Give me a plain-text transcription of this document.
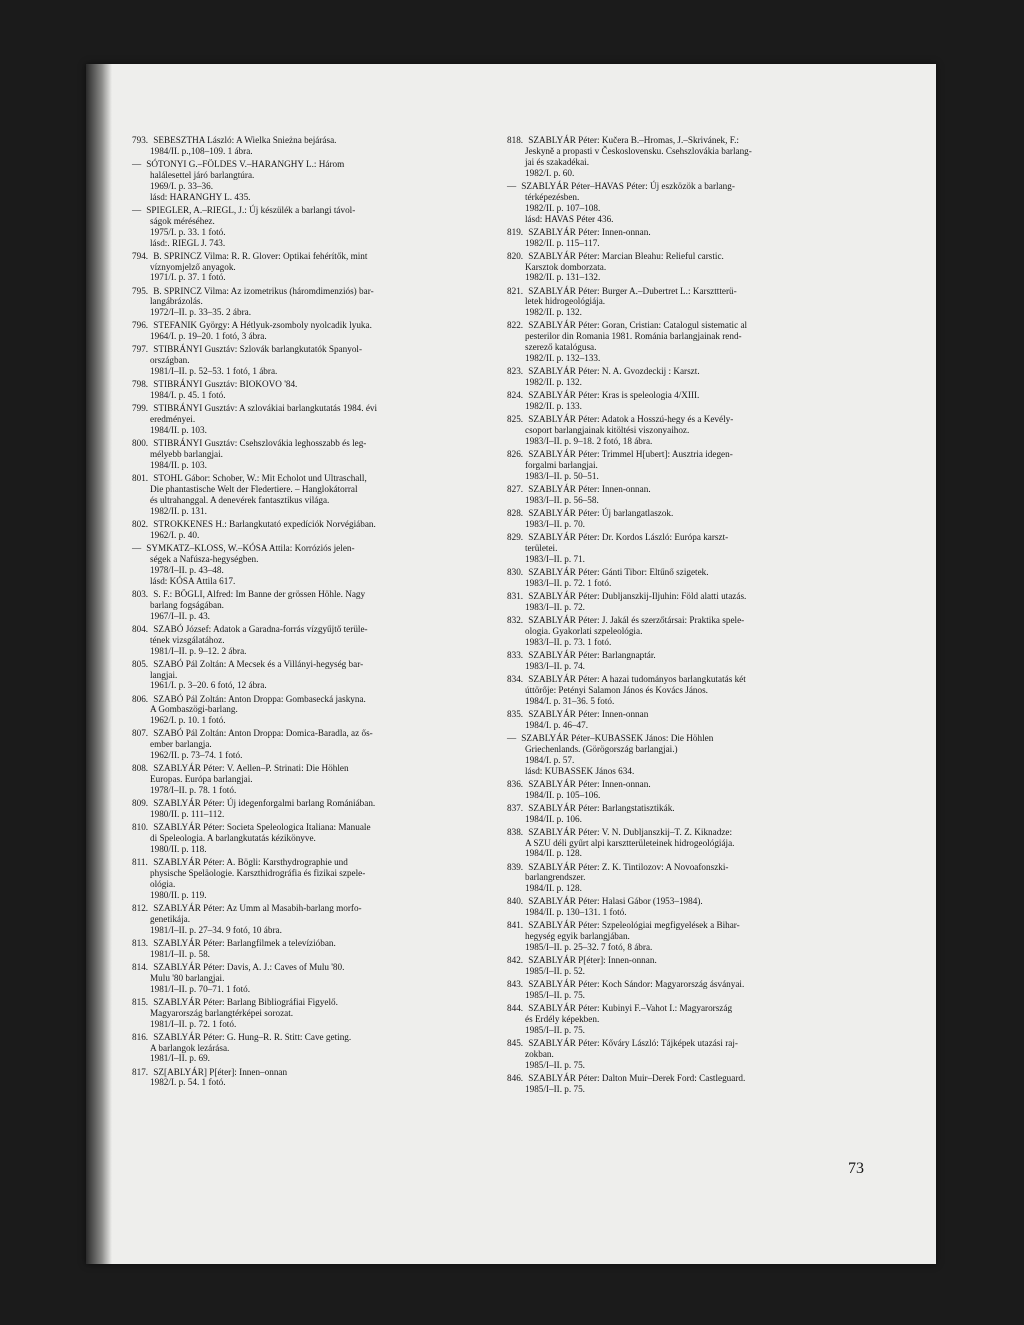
793. SEBESZTHA László: A Wielka Snieżna bejárása.
1984/II. p.,108–109. 1 ábra.
— SÓTONYI G.–FÖLDES V.–HARANGHY L.: Három
halálesettel járó barlangtúra.
1969/I. p. 33–36.
lásd: HARANGHY L. 435.
— SPIEGLER, A.–RIEGL, J.: Új készülék a barlangi távol-
ságok méréséhez.
1975/I. p. 33. 1 fotó.
lásd:. RIEGL J. 743.
794. B. SPRINCZ Vilma: R. R. Glover: Optikai fehérítők, mint
víznyomjelző anyagok.
1971/I. p. 37. 1 fotó.
795. B. SPRINCZ Vilma: Az izometrikus (háromdimenziós) bar-
langábrázolás.
1972/I–II. p. 33–35. 2 ábra.
796. STEFANIK György: A Hétlyuk-zsomboly nyolcadik lyuka.
1964/I. p. 19–20. 1 fotó, 3 ábra.
797. STIBRÁNYI Gusztáv: Szlovák barlangkutatók Spanyol-
országban.
1981/I–II. p. 52–53. 1 fotó, 1 ábra.
798. STIBRÁNYI Gusztáv: BIOKOVO '84.
1984/I. p. 45. 1 fotó.
799. STIBRÁNYI Gusztáv: A szlovákiai barlangkutatás 1984. évi
eredményei.
1984/II. p. 103.
800. STIBRÁNYI Gusztáv: Csehszlovákia leghosszabb és leg-
mélyebb barlangjai.
1984/II. p. 103.
801. STOHL Gábor: Schober, W.: Mit Echolot und Ultraschall,
Die phantastische Welt der Fledertiere. – Hanglokátorral
és ultrahanggal. A denevérek fantasztikus világa.
1982/II. p. 131.
802. STROKKENES H.: Barlangkutató expedíciók Norvégiában.
1962/I. p. 40.
— SYMKATZ–KLOSS, W.–KÓSA Attila: Korróziós jelen-
ségek a Nafúsza-hegységben.
1978/I–II. p. 43–48.
lásd: KÓSA Attila 617.
803. S. F.: BÖGLI, Alfred: Im Banne der grössen Höhle. Nagy
barlang fogságában.
1967/I–II. p. 43.
804. SZABÓ József: Adatok a Garadna-forrás vízgyűjtő terüle-
tének vizsgálatához.
1981/I–II. p. 9–12. 2 ábra.
805. SZABÓ Pál Zoltán: A Mecsek és a Villányi-hegység bar-
langjai.
1961/I. p. 3–20. 6 fotó, 12 ábra.
806. SZABÓ Pál Zoltán: Anton Droppa: Gombasecká jaskyna.
A Gombaszögi-barlang.
1962/I. p. 10. 1 fotó.
807. SZABÓ Pál Zoltán: Anton Droppa: Domica-Baradla, az ős-
ember barlangja.
1962/II. p. 73–74. 1 fotó.
808. SZABLYÁR Péter: V. Aellen–P. Strinati: Die Höhlen
Europas. Európa barlangjai.
1978/I–II. p. 78. 1 fotó.
809. SZABLYÁR Péter: Új idegenforgalmi barlang Romániában.
1980/II. p. 111–112.
810. SZABLYÁR Péter: Societa Speleologica Italiana: Manuale
di Speleologia. A barlangkutatás kézikönyve.
1980/II. p. 118.
811. SZABLYÁR Péter: A. Bögli: Karsthydrographie und
physische Speläologie. Karszthidrográfia és fizikai szpele-
ológia.
1980/II. p. 119.
812. SZABLYÁR Péter: Az Umm al Masabih-barlang morfo-
genetikája.
1981/I–II. p. 27–34. 9 fotó, 10 ábra.
813. SZABLYÁR Péter: Barlangfilmek a televízióban.
1981/I–II. p. 58.
814. SZABLYÁR Péter: Davis, A. J.: Caves of Mulu '80.
Mulu '80 barlangjai.
1981/I–II. p. 70–71. 1 fotó.
815. SZABLYÁR Péter: Barlang Bibliográfiai Figyelő.
Magyarország barlangtérképei sorozat.
1981/I–II. p. 72. 1 fotó.
816. SZABLYÁR Péter: G. Hung–R. R. Stitt: Cave geting.
A barlangok lezárása.
1981/I–II. p. 69.
817. SZ[ABLYÁR] P[éter]: Innen–onnan
1982/I. p. 54. 1 fotó.
818. SZABLYÁR Péter: Kučera B.–Hromas, J.–Skrivánek, F.:
Jeskyně a propasti v Československu. Csehszlovákia barlang-
jai és szakadékai.
1982/I. p. 60.
— SZABLYÁR Péter–HAVAS Péter: Új eszközök a barlang-
térképezésben.
1982/II. p. 107–108.
lásd: HAVAS Péter 436.
819. SZABLYÁR Péter: Innen-onnan.
1982/II. p. 115–117.
820. SZABLYÁR Péter: Marcian Bleahu: Relieful carstic.
Karsztok domborzata.
1982/II. p. 131–132.
821. SZABLYÁR Péter: Burger A.–Dubertret L.: Karszttterü-
letek hidrogeológiája.
1982/II. p. 132.
822. SZABLYÁR Péter: Goran, Cristian: Catalogul sistematic al
pesterilor din Romania 1981. Románia barlangjainak rend-
szerező katalógusa.
1982/II. p. 132–133.
823. SZABLYÁR Péter: N. A. Gvozdeckij : Karszt.
1982/II. p. 132.
824. SZABLYÁR Péter: Kras is speleologia 4/XIII.
1982/II. p. 133.
825. SZABLYÁR Péter: Adatok a Hosszú-hegy és a Kevély-
csoport barlangjainak kitöltési viszonyaihoz.
1983/I–II. p. 9–18. 2 fotó, 18 ábra.
826. SZABLYÁR Péter: Trimmel H[ubert]: Ausztria idegen-
forgalmi barlangjai.
1983/I–II. p. 50–51.
827. SZABLYÁR Péter: Innen-onnan.
1983/I–II. p. 56–58.
828. SZABLYÁR Péter: Új barlangatlaszok.
1983/I–II. p. 70.
829. SZABLYÁR Péter: Dr. Kordos László: Európa karszt-
területei.
1983/I–II. p. 71.
830. SZABLYÁR Péter: Gánti Tibor: Eltűnő szigetek.
1983/I–II. p. 72. 1 fotó.
831. SZABLYÁR Péter: Dubljanszkij-Iljuhin: Föld alatti utazás.
1983/I–II. p. 72.
832. SZABLYÁR Péter: J. Jakál és szerzőtársai: Praktika spele-
ologia. Gyakorlati szpeleológia.
1983/I–II. p. 73. 1 fotó.
833. SZABLYÁR Péter: Barlangnaptár.
1983/I–II. p. 74.
834. SZABLYÁR Péter: A hazai tudományos barlangkutatás két
úttörője: Petényi Salamon János és Kovács János.
1984/I. p. 31–36. 5 fotó.
835. SZABLYÁR Péter: Innen-onnan
1984/I. p. 46–47.
— SZABLYÁR Péter–KUBASSEK János: Die Höhlen
Griechenlands. (Görögország barlangjai.)
1984/I. p. 57.
lásd: KUBASSEK János 634.
836. SZABLYÁR Péter: Innen-onnan.
1984/II. p. 105–106.
837. SZABLYÁR Péter: Barlangstatisztikák.
1984/II. p. 106.
838. SZABLYÁR Péter: V. N. Dubljanszkij–T. Z. Kiknadze:
A SZU déli gyűrt alpi karsztterületeinek hidrogeológiája.
1984/II. p. 128.
839. SZABLYÁR Péter: Z. K. Tintilozov: A Novoafonszki-
barlangrendszer.
1984/II. p. 128.
840. SZABLYÁR Péter: Halasi Gábor (1953–1984).
1984/II. p. 130–131. 1 fotó.
841. SZABLYÁR Péter: Szpeleológiai megfigyelések a Bihar-
hegység egyik barlangjában.
1985/I–II. p. 25–32. 7 fotó, 8 ábra.
842. SZABLYÁR P[éter]: Innen-onnan.
1985/I–II. p. 52.
843. SZABLYÁR Péter: Koch Sándor: Magyarország ásványai.
1985/I–II. p. 75.
844. SZABLYÁR Péter: Kubinyi F.–Vahot I.: Magyarország
és Erdély képekben.
1985/I–II. p. 75.
845. SZABLYÁR Péter: Kőváry László: Tájképek utazási raj-
zokban.
1985/I–II. p. 75.
846. SZABLYÁR Péter: Dalton Muir–Derek Ford: Castleguard.
1985/I–II. p. 75.
73
